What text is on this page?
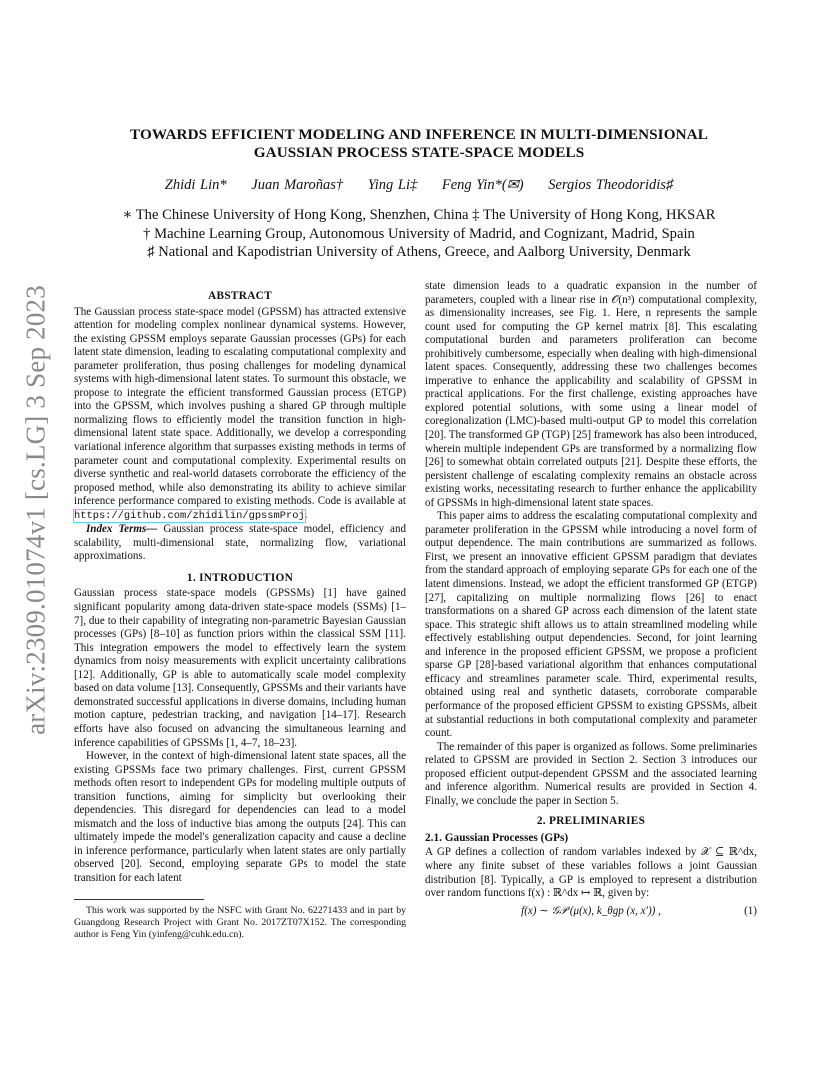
arXiv:2309.01074v1 [cs.LG] 3 Sep 2023
TOWARDS EFFICIENT MODELING AND INFERENCE IN MULTI-DIMENSIONAL
GAUSSIAN PROCESS STATE-SPACE MODELS
Zhidi Lin* Juan Maroñas† Ying Li‡ Feng Yin*(✉) Sergios Theodoridis♯
∗ The Chinese University of Hong Kong, Shenzhen, China ‡ The University of Hong Kong, HKSAR
† Machine Learning Group, Autonomous University of Madrid, and Cognizant, Madrid, Spain
♯ National and Kapodistrian University of Athens, Greece, and Aalborg University, Denmark
ABSTRACT

The Gaussian process state-space model (GPSSM) has attracted extensive attention for modeling complex nonlinear dynamical systems. However, the existing GPSSM employs separate Gaussian processes (GPs) for each latent state dimension, leading to escalating computational complexity and parameter proliferation, thus posing challenges for modeling dynamical systems with high-dimensional latent states. To surmount this obstacle, we propose to integrate the efficient transformed Gaussian process (ETGP) into the GPSSM, which involves pushing a shared GP through multiple normalizing flows to efficiently model the transition function in high-dimensional latent state space. Additionally, we develop a corresponding variational inference algorithm that surpasses existing methods in terms of parameter count and computational complexity. Experimental results on diverse synthetic and real-world datasets corroborate the efficiency of the proposed method, while also demonstrating its ability to achieve similar inference performance compared to existing methods. Code is available at https://github.com/zhidilin/gpssmProj.

Index Terms— Gaussian process state-space model, efficiency and scalability, multi-dimensional state, normalizing flow, variational approximations.

1. INTRODUCTION

Gaussian process state-space models (GPSSMs) [1] have gained significant popularity among data-driven state-space models (SSMs) [1–7], due to their capability of integrating non-parametric Bayesian Gaussian processes (GPs) [8–10] as function priors within the classical SSM [11]. This integration empowers the model to effectively learn the system dynamics from noisy measurements with explicit uncertainty calibrations [12]. Additionally, GP is able to automatically scale model complexity based on data volume [13]. Consequently, GPSSMs and their variants have demonstrated successful applications in diverse domains, including human motion capture, pedestrian tracking, and navigation [14–17]. Research efforts have also focused on advancing the simultaneous learning and inference capabilities of GPSSMs [1, 4–7, 18–23].

However, in the context of high-dimensional latent state spaces, all the existing GPSSMs face two primary challenges. First, current GPSSM methods often resort to independent GPs for modeling multiple outputs of transition functions, aiming for simplicity but overlooking their dependencies. This disregard for dependencies can lead to a model mismatch and the loss of inductive bias among the outputs [24]. This can ultimately impede the model's generalization capacity and cause a decline in inference performance, particularly when latent states are only partially observed [20]. Second, employing separate GPs to model the state transition for each latent

This work was supported by the NSFC with Grant No. 62271433 and in part by Guangdong Research Project with Grant No. 2017ZT07X152. The corresponding author is Feng Yin (yinfeng@cuhk.edu.cn).

state dimension leads to a quadratic expansion in the number of parameters, coupled with a linear rise in 𝒪(n³) computational complexity, as dimensionality increases, see Fig. 1. Here, n represents the sample count used for computing the GP kernel matrix [8]. This escalating computational burden and parameters proliferation can become prohibitively cumbersome, especially when dealing with high-dimensional latent spaces. Consequently, addressing these two challenges becomes imperative to enhance the applicability and scalability of GPSSM in practical applications. For the first challenge, existing approaches have explored potential solutions, with some using a linear model of coregionalization (LMC)-based multi-output GP to model this correlation [20]. The transformed GP (TGP) [25] framework has also been introduced, wherein multiple independent GPs are transformed by a normalizing flow [26] to somewhat obtain correlated outputs [21]. Despite these efforts, the persistent challenge of escalating complexity remains an obstacle across existing works, necessitating research to further enhance the applicability of GPSSMs in high-dimensional latent state spaces.

This paper aims to address the escalating computational complexity and parameter proliferation in the GPSSM while introducing a novel form of output dependence. The main contributions are summarized as follows. First, we present an innovative efficient GPSSM paradigm that deviates from the standard approach of employing separate GPs for each one of the latent dimensions. Instead, we adopt the efficient transformed GP (ETGP) [27], capitalizing on multiple normalizing flows [26] to enact transformations on a shared GP across each dimension of the latent state space. This strategic shift allows us to attain streamlined modeling while effectively establishing output dependencies. Second, for joint learning and inference in the proposed efficient GPSSM, we propose a proficient sparse GP [28]-based variational algorithm that enhances computational efficacy and streamlines parameter scale. Third, experimental results, obtained using real and synthetic datasets, corroborate comparable performance of the proposed efficient GPSSM to existing GPSSMs, albeit at substantial reductions in both computational complexity and parameter count.

The remainder of this paper is organized as follows. Some preliminaries related to GPSSM are provided in Section 2. Section 3 introduces our proposed efficient output-dependent GPSSM and the associated learning and inference algorithm. Numerical results are provided in Section 4. Finally, we conclude the paper in Section 5.

2. PRELIMINARIES
2.1. Gaussian Processes (GPs)

A GP defines a collection of random variables indexed by 𝒳 ⊆ ℝ^dx, where any finite subset of these variables follows a joint Gaussian distribution [8]. Typically, a GP is employed to represent a distribution over random functions f(x) : ℝ^dx ↦ ℝ, given by:

f(x) ∼ 𝒢𝒫 (μ(x), k_θgp (x, x′)) ,	(1)
